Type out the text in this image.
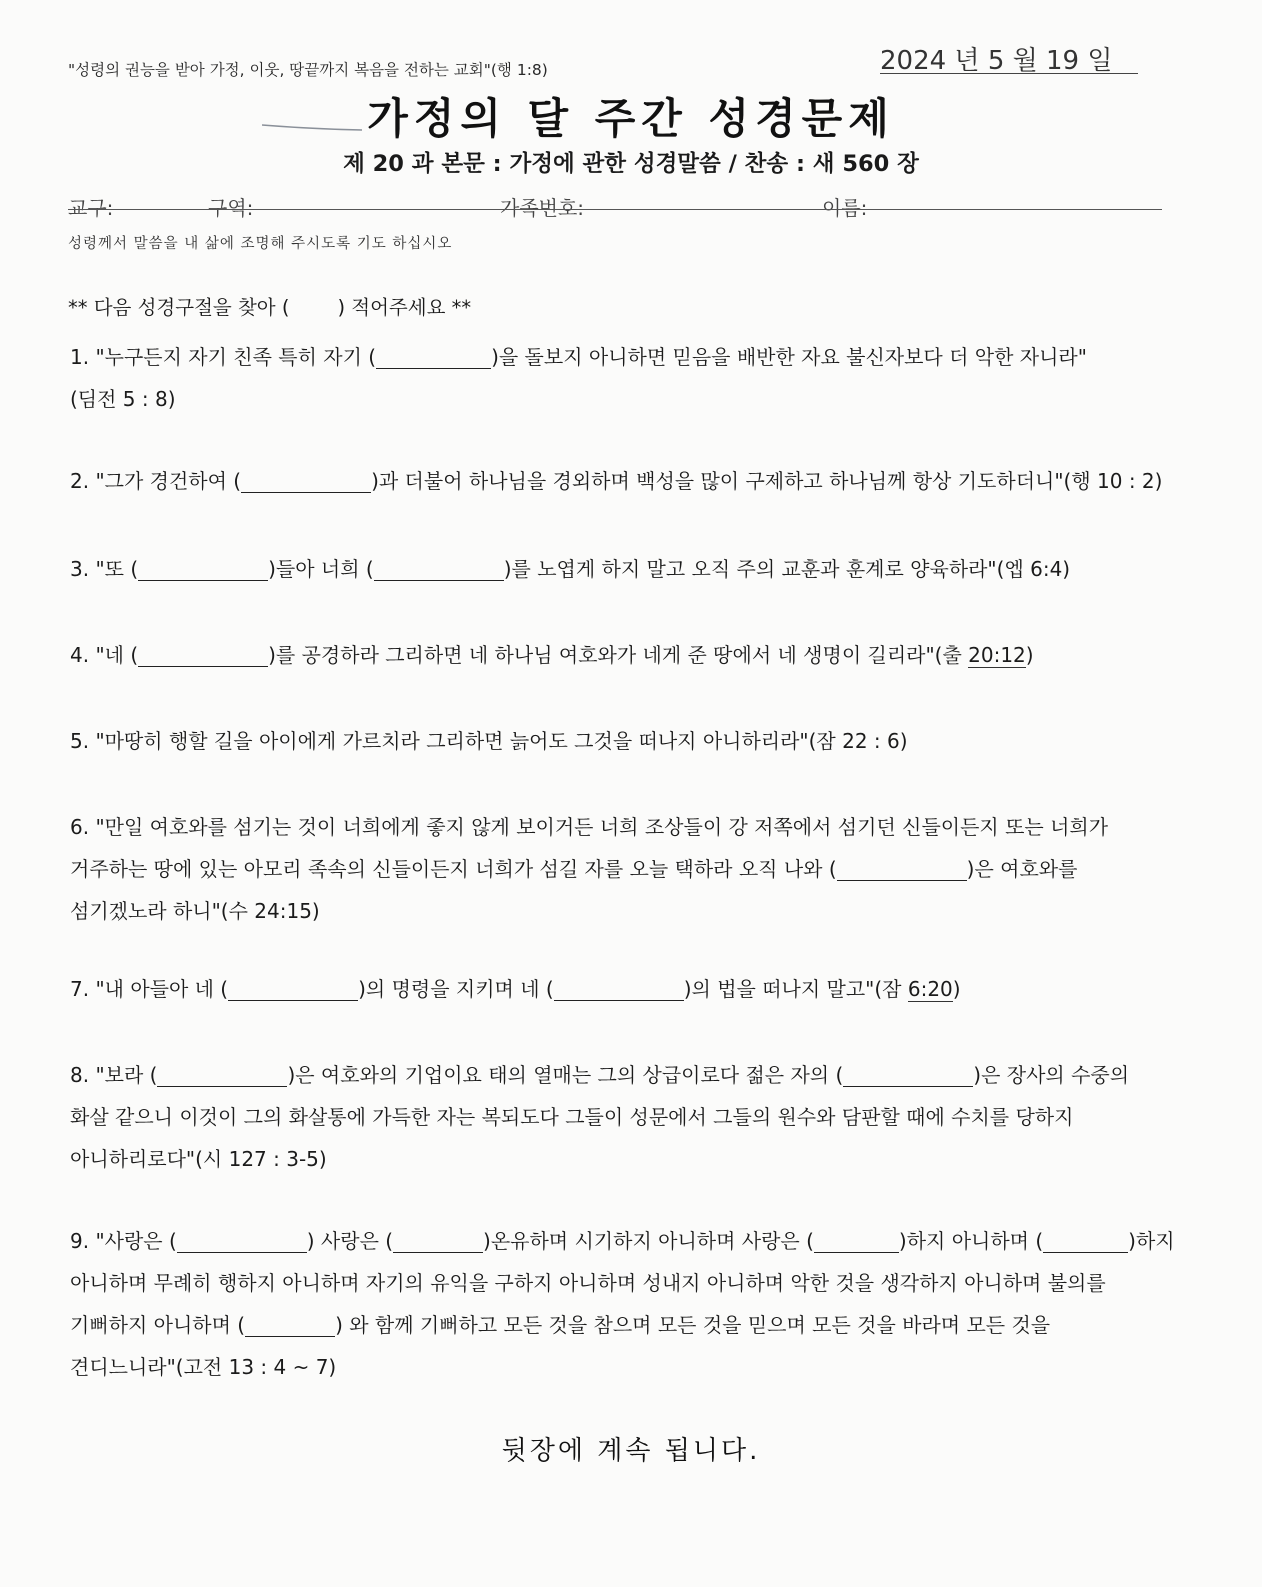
"성령의 권능을 받아 가정, 이웃, 땅끝까지 복음을 전하는 교회"(행 1:8)	2024 년 5 월 19 일
가정의 달 주간 성경문제
제 20 과 본문 : 가정에 관한 성경말씀 / 찬송 : 새 560 장
교구:	구역:	가족번호:	이름:
성령께서 말씀을 내 삶에 조명해 주시도록 기도 하십시오
** 다음 성경구절을 찾아 ( ) 적어주세요 **
1. "누구든지 자기 친족 특히 자기 (	)을 돌보지 아니하면 믿음을 배반한 자요 불신자보다 더 악한 자니라"
(딤전 5 : 8)
2. "그가 경건하여 (	)과 더불어 하나님을 경외하며 백성을 많이 구제하고 하나님께 항상 기도하더니"(행 10 : 2)
3. "또 (	)들아 너희 (	)를 노엽게 하지 말고 오직 주의 교훈과 훈계로 양육하라"(엡 6:4)
4. "네 (	)를 공경하라 그리하면 네 하나님 여호와가 네게 준 땅에서 네 생명이 길리라"(출 20:12)
5. "마땅히 행할 길을 아이에게 가르치라 그리하면 늙어도 그것을 떠나지 아니하리라"(잠 22 : 6)
6. "만일 여호와를 섬기는 것이 너희에게 좋지 않게 보이거든 너희 조상들이 강 저쪽에서 섬기던 신들이든지 또는 너희가
거주하는 땅에 있는 아모리 족속의 신들이든지 너희가 섬길 자를 오늘 택하라 오직 나와 (	)은 여호와를
섬기겠노라 하니"(수 24:15)
7. "내 아들아 네 (	)의 명령을 지키며 네 (	)의 법을 떠나지 말고"(잠 6:20)
8. "보라 (	)은 여호와의 기업이요 태의 열매는 그의 상급이로다 젊은 자의 (	)은 장사의 수중의
화살 같으니 이것이 그의 화살통에 가득한 자는 복되도다 그들이 성문에서 그들의 원수와 담판할 때에 수치를 당하지
아니하리로다"(시 127 : 3-5)
9. "사랑은 (	) 사랑은 (	)온유하며 시기하지 아니하며 사랑은 (	)하지 아니하며 (	)하지
아니하며 무례히 행하지 아니하며 자기의 유익을 구하지 아니하며 성내지 아니하며 악한 것을 생각하지 아니하며 불의를
기뻐하지 아니하며 (	) 와 함께 기뻐하고 모든 것을 참으며 모든 것을 믿으며 모든 것을 바라며 모든 것을
견디느니라"(고전 13 : 4 ~ 7)
뒷장에 계속 됩니다.
